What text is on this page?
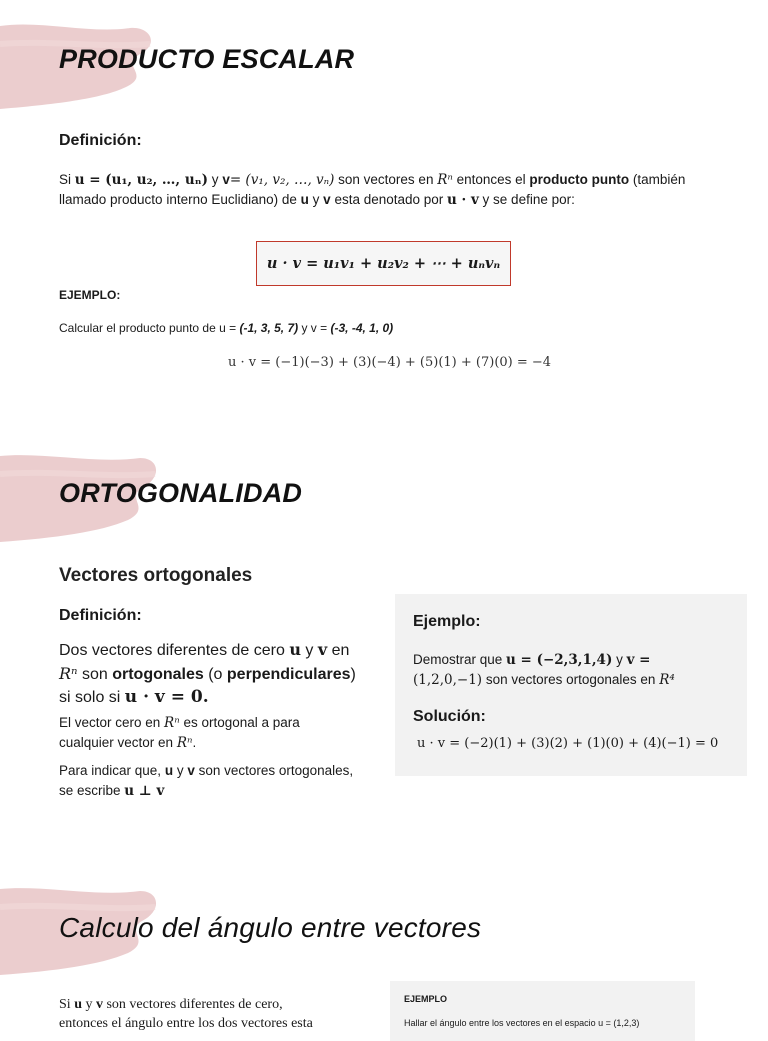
PRODUCTO ESCALAR
Definición:
Si u = (u₁, u₂, …, uₙ) y v= (v₁, v₂, …, vₙ) son vectores en Rⁿ entonces el producto punto (también
llamado producto interno Euclidiano) de u y v esta denotado por u · v y se define por:
u · v = u₁v₁ + u₂v₂ + ⋯ + uₙvₙ
EJEMPLO:
Calcular el producto punto de u = (-1, 3, 5, 7) y v = (-3, -4, 1, 0)
u · v = (−1)(−3) + (3)(−4) + (5)(1) + (7)(0) = −4
ORTOGONALIDAD
Vectores ortogonales
Definición:
Dos vectores diferentes de cero u y v en
Rⁿ son ortogonales (o perpendiculares)
si solo si u · v = 0.
El vector cero en Rⁿ es ortogonal a para
cualquier vector en Rⁿ.
Para indicar que, u y v son vectores ortogonales,
se escribe u ⊥ v
Ejemplo:
Demostrar que u = (−2,3,1,4) y v =
(1,2,0,−1) son vectores ortogonales en R⁴
Solución:
u · v = (−2)(1) + (3)(2) + (1)(0) + (4)(−1) = 0
Calculo del ángulo entre vectores
Si u y v son vectores diferentes de cero,
entonces el ángulo entre los dos vectores esta
EJEMPLO
Hallar el ángulo entre los vectores en el espacio u = (1,2,3)
